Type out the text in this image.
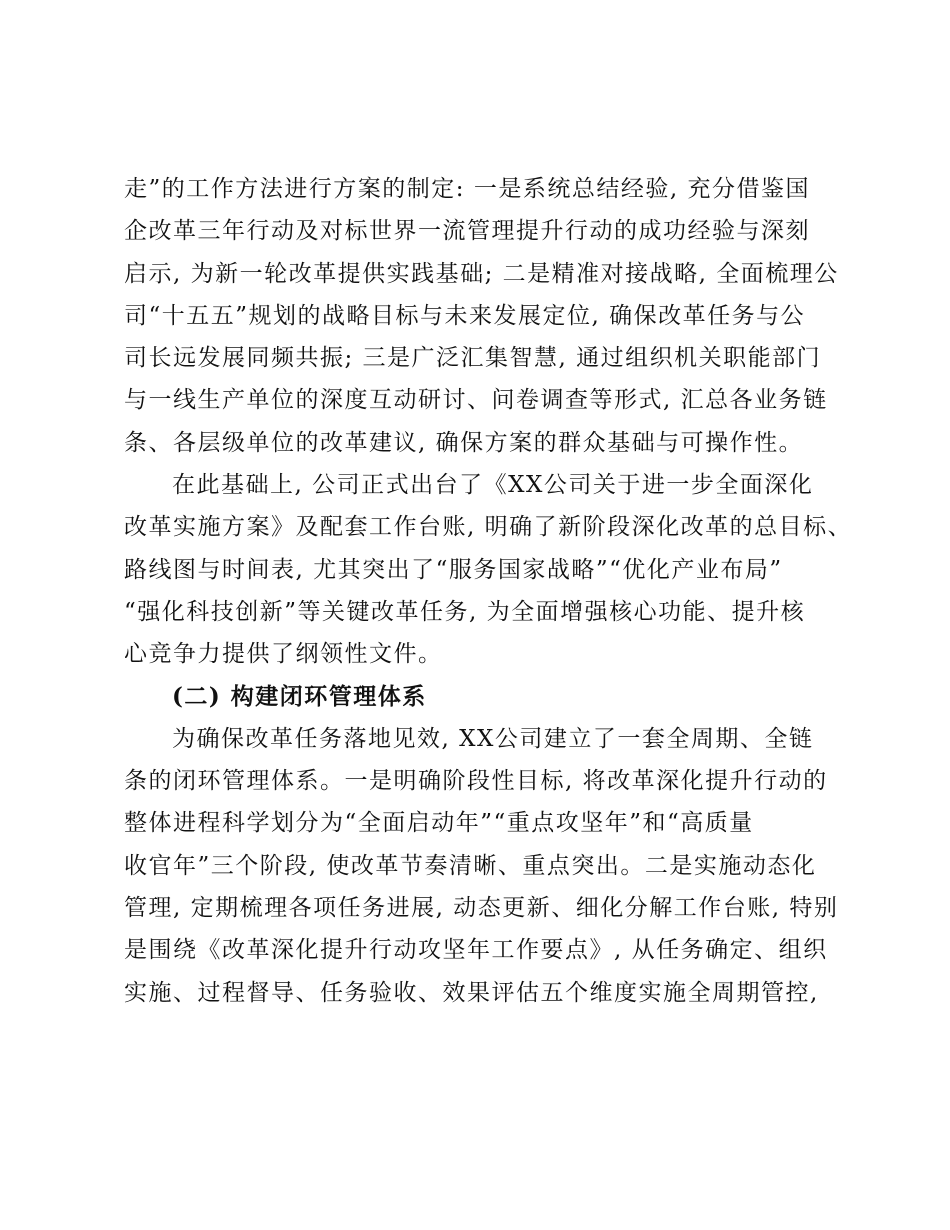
走”的工作方法进行方案的制定: 一是系统总结经验, 充分借鉴国
企改革三年行动及对标世界一流管理提升行动的成功经验与深刻
启示, 为新一轮改革提供实践基础; 二是精准对接战略, 全面梳理公
司“十五五”规划的战略目标与未来发展定位, 确保改革任务与公
司长远发展同频共振; 三是广泛汇集智慧, 通过组织机关职能部门
与一线生产单位的深度互动研讨、问卷调查等形式, 汇总各业务链
条、各层级单位的改革建议, 确保方案的群众基础与可操作性。
在此基础上, 公司正式出台了《XX公司关于进一步全面深化
改革实施方案》及配套工作台账, 明确了新阶段深化改革的总目标、
路线图与时间表, 尤其突出了“服务国家战略”“优化产业布局”
“强化科技创新”等关键改革任务, 为全面增强核心功能、提升核
心竞争力提供了纲领性文件。
(二) 构建闭环管理体系
为确保改革任务落地见效, XX公司建立了一套全周期、全链
条的闭环管理体系。一是明确阶段性目标, 将改革深化提升行动的
整体进程科学划分为“全面启动年”“重点攻坚年”和“高质量
收官年”三个阶段, 使改革节奏清晰、重点突出。二是实施动态化
管理, 定期梳理各项任务进展, 动态更新、细化分解工作台账, 特别
是围绕《改革深化提升行动攻坚年工作要点》, 从任务确定、组织
实施、过程督导、任务验收、效果评估五个维度实施全周期管控,
